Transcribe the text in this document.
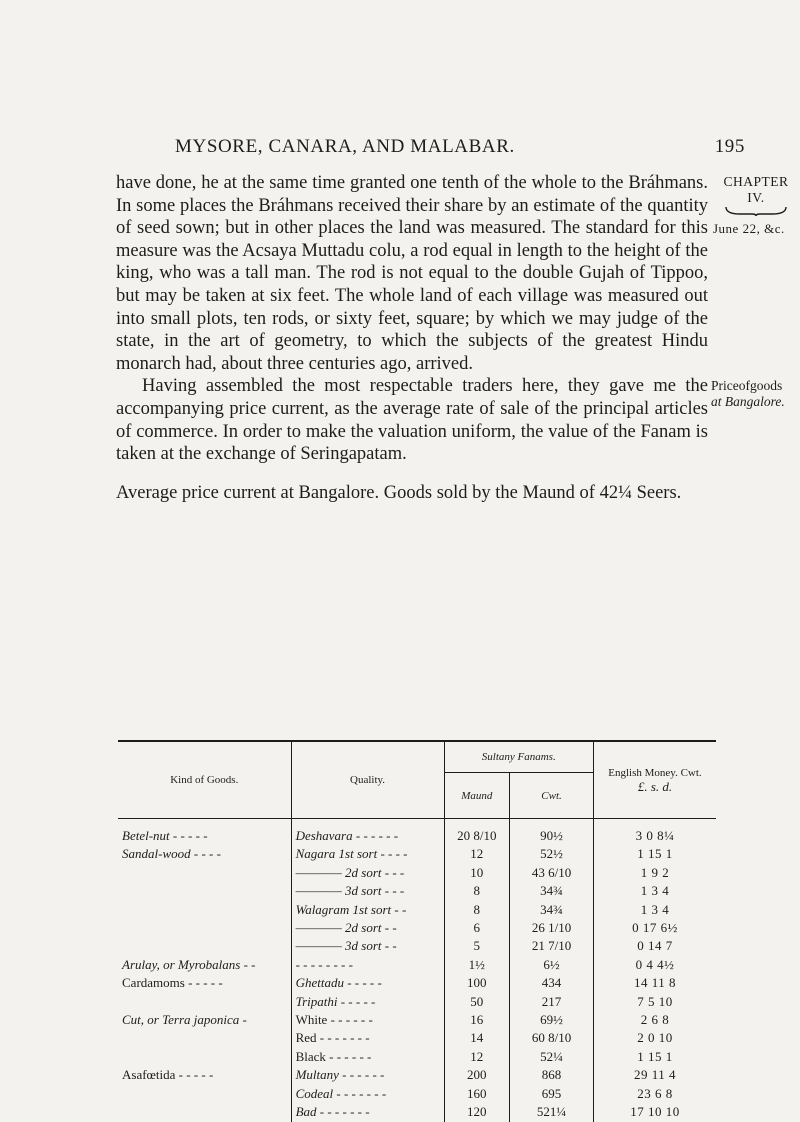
MYSORE, CANARA, AND MALABAR.	195
CHAPTER
IV.
June 22, &c.
Priceofgoods
at Bangalore.

have done, he at the same time granted one tenth of the whole to the Bráhmans. In some places the Bráhmans received their share by an estimate of the quantity of seed sown; but in other places the land was measured. The standard for this measure was the Acsaya Muttadu colu, a rod equal in length to the height of the king, who was a tall man. The rod is not equal to the double Gujah of Tippoo, but may be taken at six feet. The whole land of each village was measured out into small plots, ten rods, or sixty feet, square; by which we may judge of the state, in the art of geometry, to which the subjects of the greatest Hindu monarch had, about three centuries ago, arrived.

Having assembled the most respectable traders here, they gave me the accompanying price current, as the average rate of sale of the principal articles of commerce. In order to make the valuation uniform, the value of the Fanam is taken at the exchange of Seringapatam.

Average price current at Bangalore. Goods sold by the Maund of 42¼ Seers.

Kind of Goods.	Quality.	Sultany Fanams.		English Money. Cwt.
£. s. d.

		Maund	Cwt.	
Betel-nut - - - - -	Deshavara - - - - - -	20 8/10	90½	3 0 8¼
Sandal-wood - - - -	Nagara 1st sort - - - -	12	52½	1 15 1
	———— 2d sort - - -	10	43 6/10	1 9 2
	———— 3d sort - - -	8	34¾	1 3 4
	Walagram 1st sort - -	8	34¾	1 3 4
	———— 2d sort - -	6	26 1/10	0 17 6½
	———— 3d sort - -	5	21 7/10	0 14 7
Arulay, or Myrobalans - -	- - - - - - - -	1½	6½	0 4 4½
Cardamoms - - - - -	Ghettadu - - - - -	100	434	14 11 8
	Tripathi - - - - -	50	217	7 5 10
Cut, or Terra japonica -	White - - - - - -	16	69½	2 6 8
	Red - - - - - - -	14	60 8/10	2 0 10
	Black - - - - - -	12	52¼	1 15 1
Asafœtida - - - - -	Multany - - - - - -	200	868	29 11 4
	Codeal - - - - - - -	160	695	23 6 8
	Bad - - - - - - -	120	521¼	17 10 10
